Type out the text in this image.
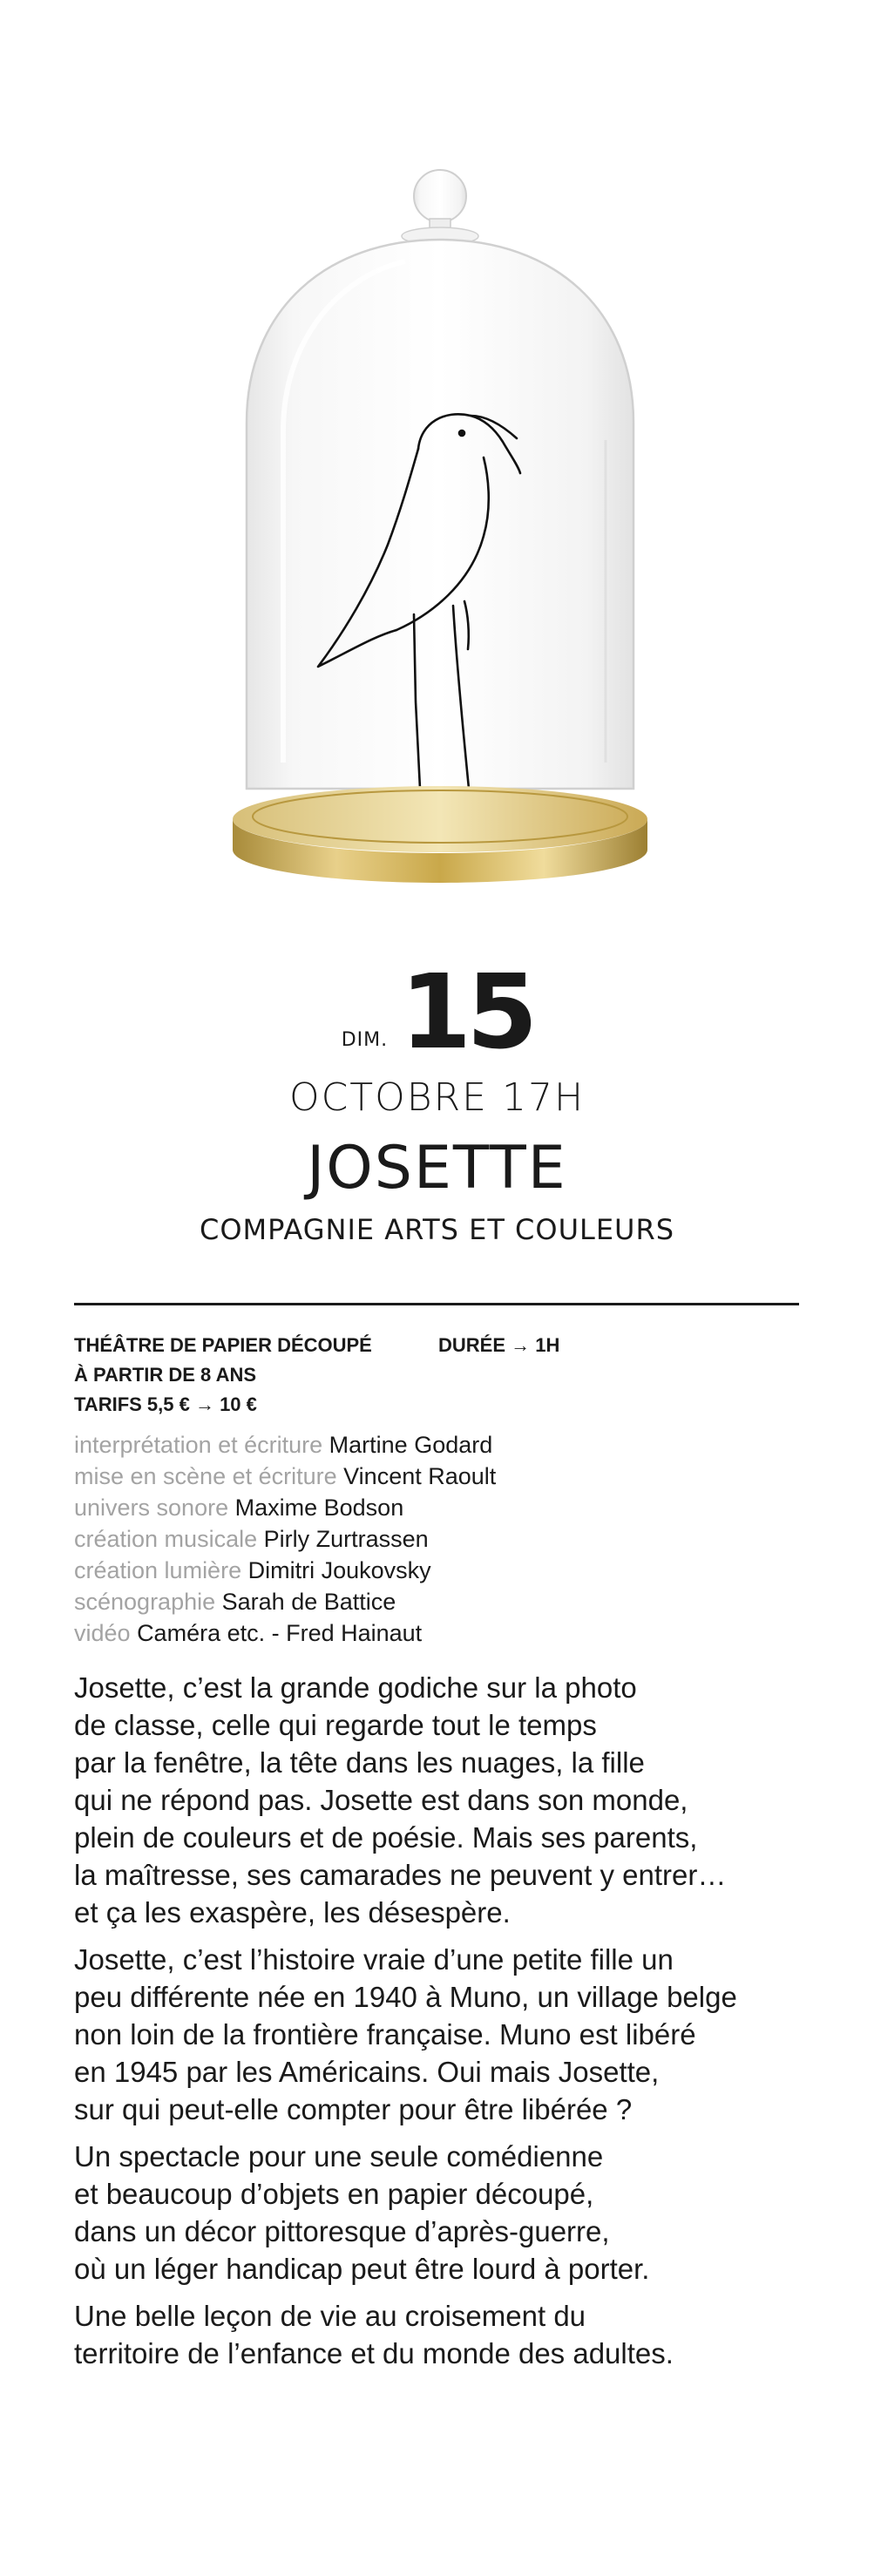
DIM. 15
OCTOBRE 17H
JOSETTE
COMPAGNIE ARTS ET COULEURS
THÉÂTRE DE PAPIER DÉCOUPÉ	DURÉE → 1H
À PARTIR DE 8 ANS
TARIFS 5,5 € → 10 €
interprétation et écriture Martine Godard
mise en scène et écriture Vincent Raoult
univers sonore Maxime Bodson
création musicale Pirly Zurtrassen
création lumière Dimitri Joukovsky
scénographie Sarah de Battice
vidéo Caméra etc. - Fred Hainaut

Josette, c’est la grande godiche sur la photo
de classe, celle qui regarde tout le temps
par la fenêtre, la tête dans les nuages, la fille
qui ne répond pas. Josette est dans son monde,
plein de couleurs et de poésie. Mais ses parents,
la maîtresse, ses camarades ne peuvent y entrer…
et ça les exaspère, les désespère.

Josette, c’est l’histoire vraie d’une petite fille un
peu différente née en 1940 à Muno, un village belge
non loin de la frontière française. Muno est libéré
en 1945 par les Américains. Oui mais Josette,
sur qui peut-elle compter pour être libérée ?

Un spectacle pour une seule comédienne
et beaucoup d’objets en papier découpé,
dans un décor pittoresque d’après-guerre,
où un léger handicap peut être lourd à porter.

Une belle leçon de vie au croisement du
territoire de l’enfance et du monde des adultes.
